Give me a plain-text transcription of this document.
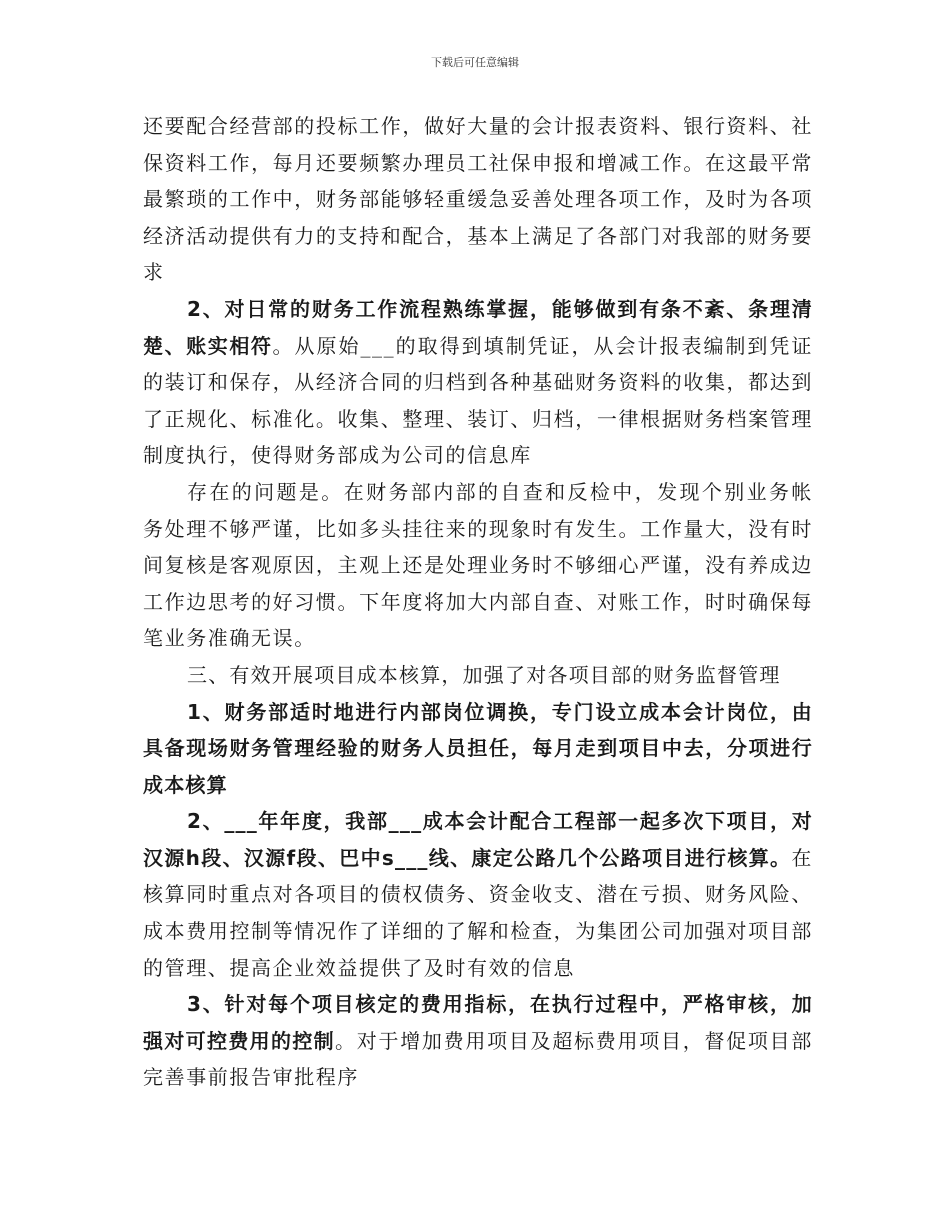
下载后可任意编辑

还要配合经营部的投标工作，做好大量的会计报表资料、银行资料、社保资料工作，每月还要频繁办理员工社保申报和增减工作。在这最平常最繁琐的工作中，财务部能够轻重缓急妥善处理各项工作，及时为各项经济活动提供有力的支持和配合，基本上满足了各部门对我部的财务要求

2、对日常的财务工作流程熟练掌握，能够做到有条不紊、条理清楚、账实相符。从原始___的取得到填制凭证，从会计报表编制到凭证的装订和保存，从经济合同的归档到各种基础财务资料的收集，都达到了正规化、标准化。收集、整理、装订、归档，一律根据财务档案管理制度执行，使得财务部成为公司的信息库

存在的问题是。在财务部内部的自查和反检中，发现个别业务帐务处理不够严谨，比如多头挂往来的现象时有发生。工作量大，没有时间复核是客观原因，主观上还是处理业务时不够细心严谨，没有养成边工作边思考的好习惯。下年度将加大内部自查、对账工作，时时确保每笔业务准确无误。

三、有效开展项目成本核算，加强了对各项目部的财务监督管理

1、财务部适时地进行内部岗位调换，专门设立成本会计岗位，由具备现场财务管理经验的财务人员担任，每月走到项目中去，分项进行成本核算

2、___年年度，我部___成本会计配合工程部一起多次下项目，对汉源h段、汉源f段、巴中s___线、康定公路几个公路项目进行核算。在核算同时重点对各项目的债权债务、资金收支、潜在亏损、财务风险、成本费用控制等情况作了详细的了解和检查，为集团公司加强对项目部的管理、提高企业效益提供了及时有效的信息

3、针对每个项目核定的费用指标，在执行过程中，严格审核，加强对可控费用的控制。对于增加费用项目及超标费用项目，督促项目部完善事前报告审批程序
